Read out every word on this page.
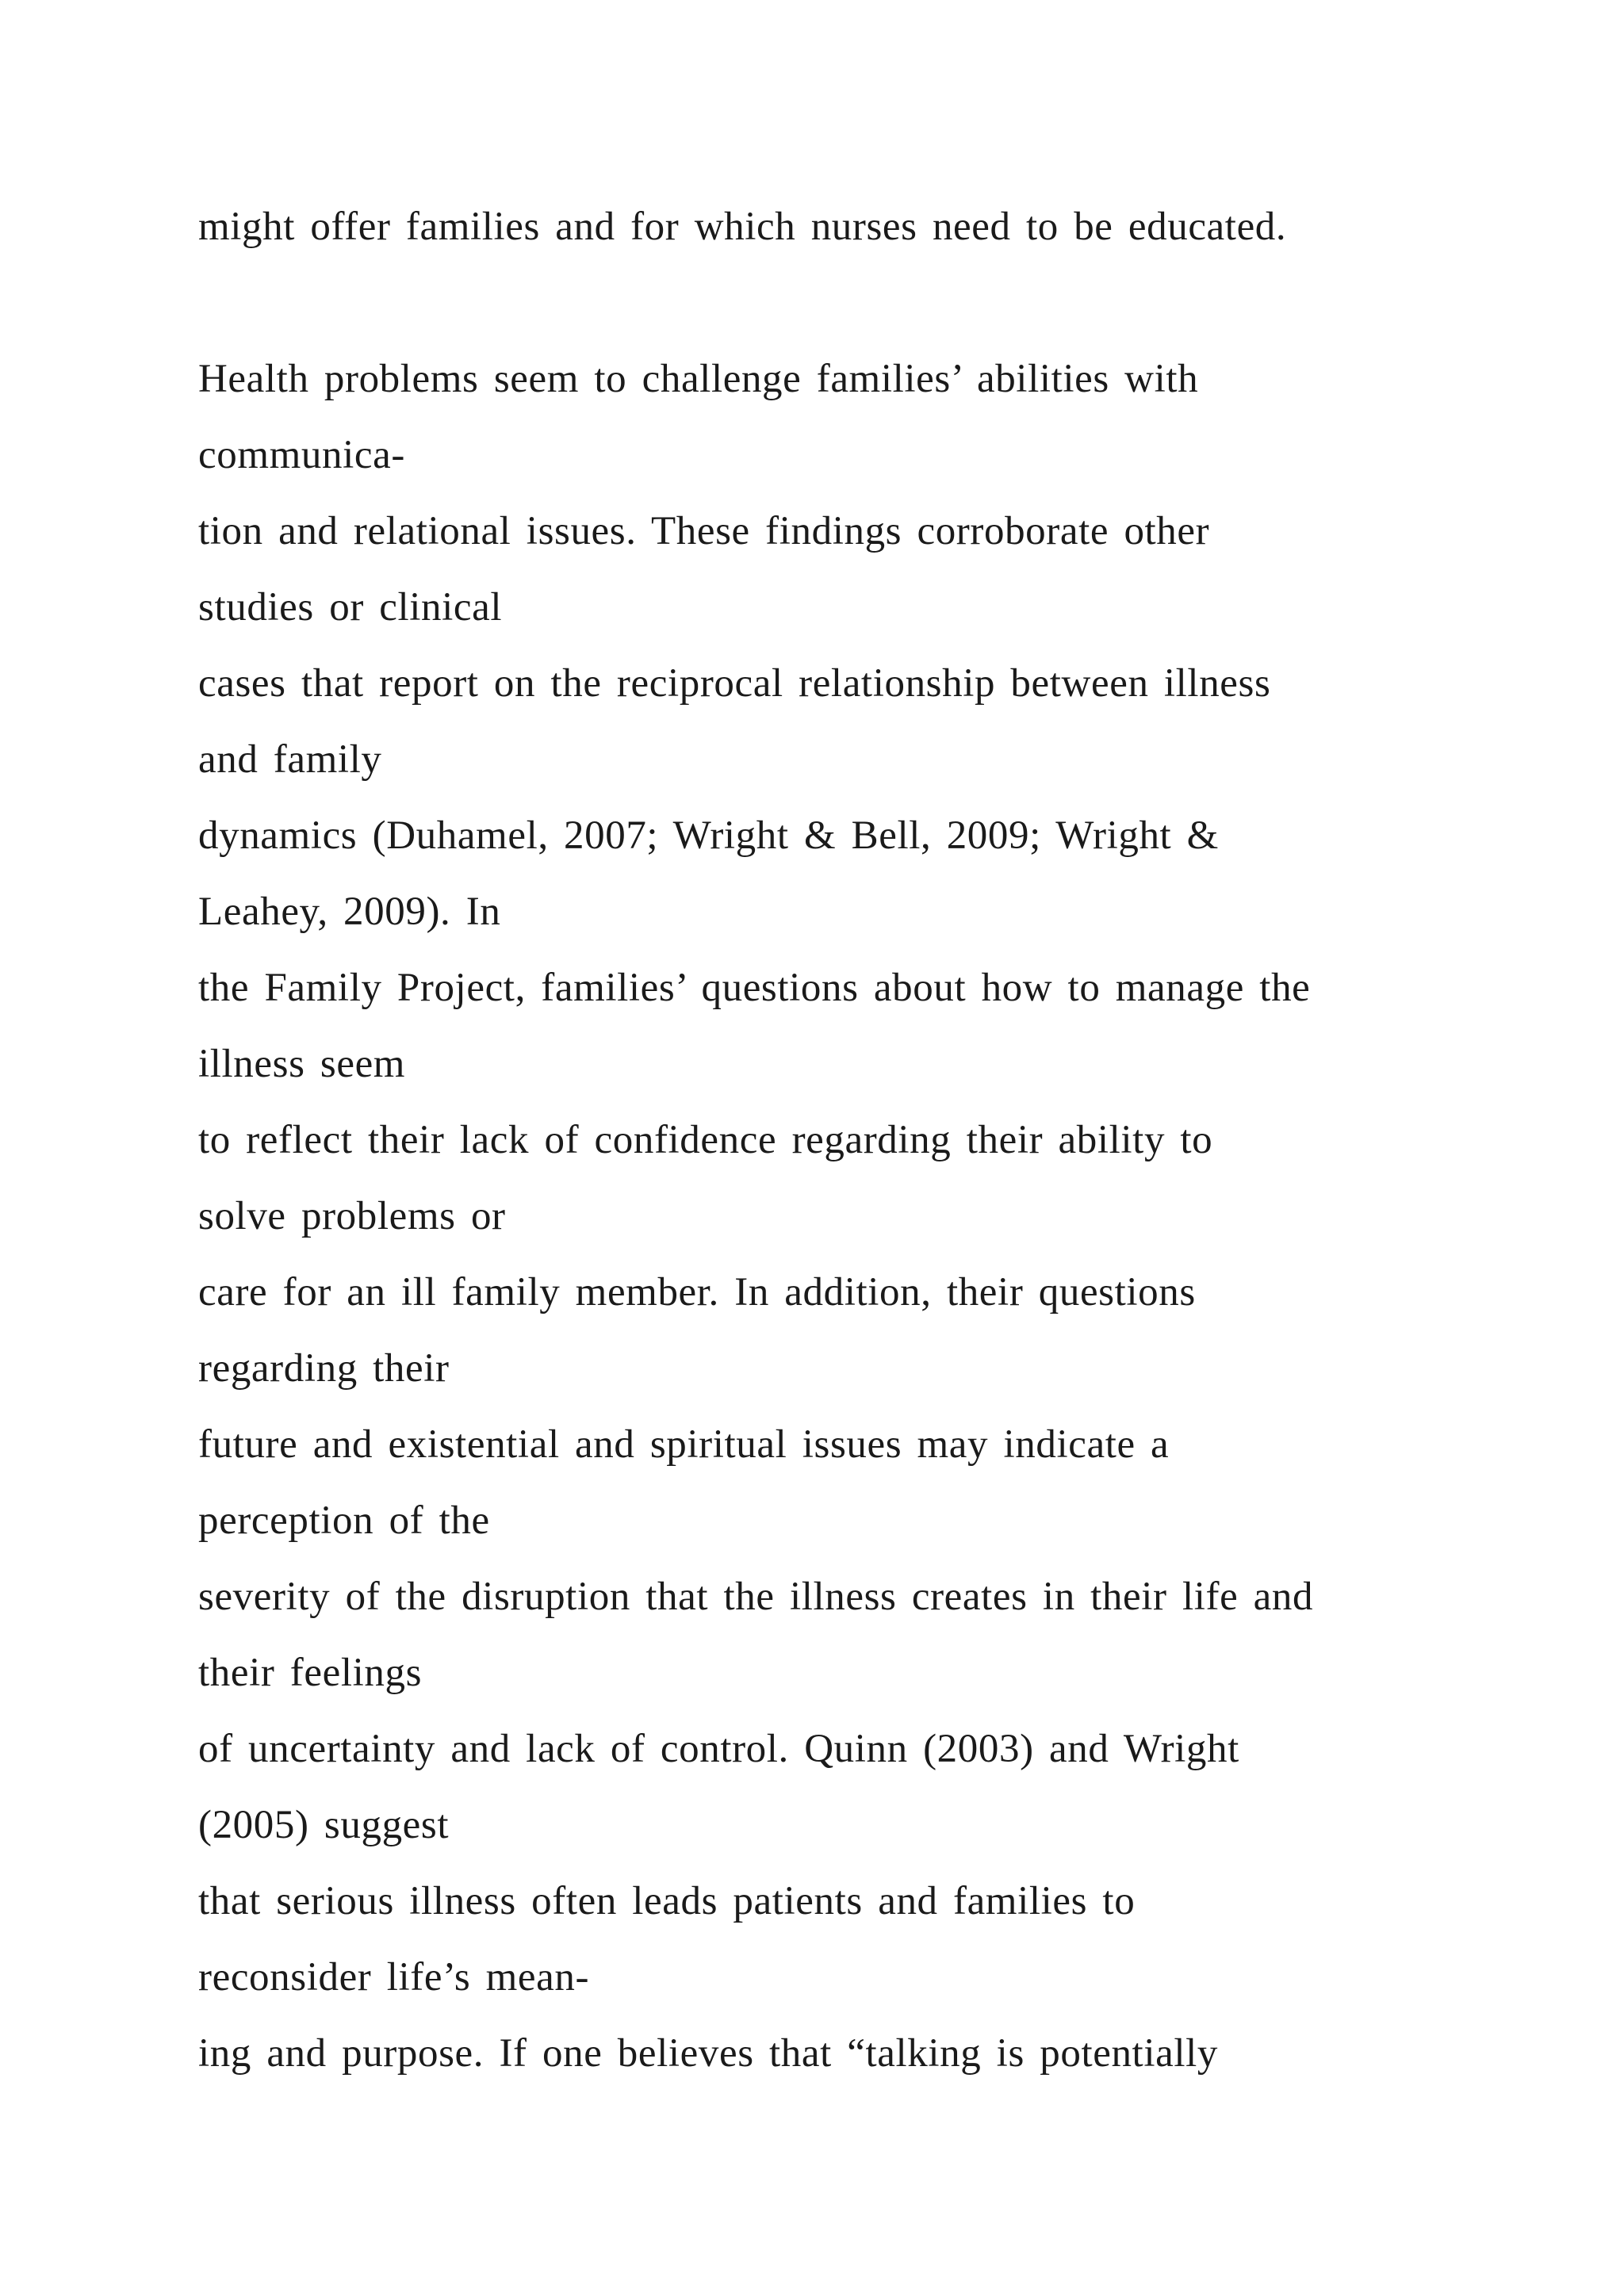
might offer families and for which nurses need to be educated.
Health problems seem to challenge families’ abilities with
communica-
tion and relational issues. These findings corroborate other
studies or clinical
cases that report on the reciprocal relationship between illness
and family
dynamics (Duhamel, 2007; Wright & Bell, 2009; Wright &
Leahey, 2009). In
the Family Project, families’ questions about how to manage the
illness seem
to reflect their lack of confidence regarding their ability to
solve problems or
care for an ill family member. In addition, their questions
regarding their
future and existential and spiritual issues may indicate a
perception of the
severity of the disruption that the illness creates in their life and
their feelings
of uncertainty and lack of control. Quinn (2003) and Wright
(2005) suggest
that serious illness often leads patients and families to
reconsider life’s mean-
ing and purpose. If one believes that “talking is potentially
